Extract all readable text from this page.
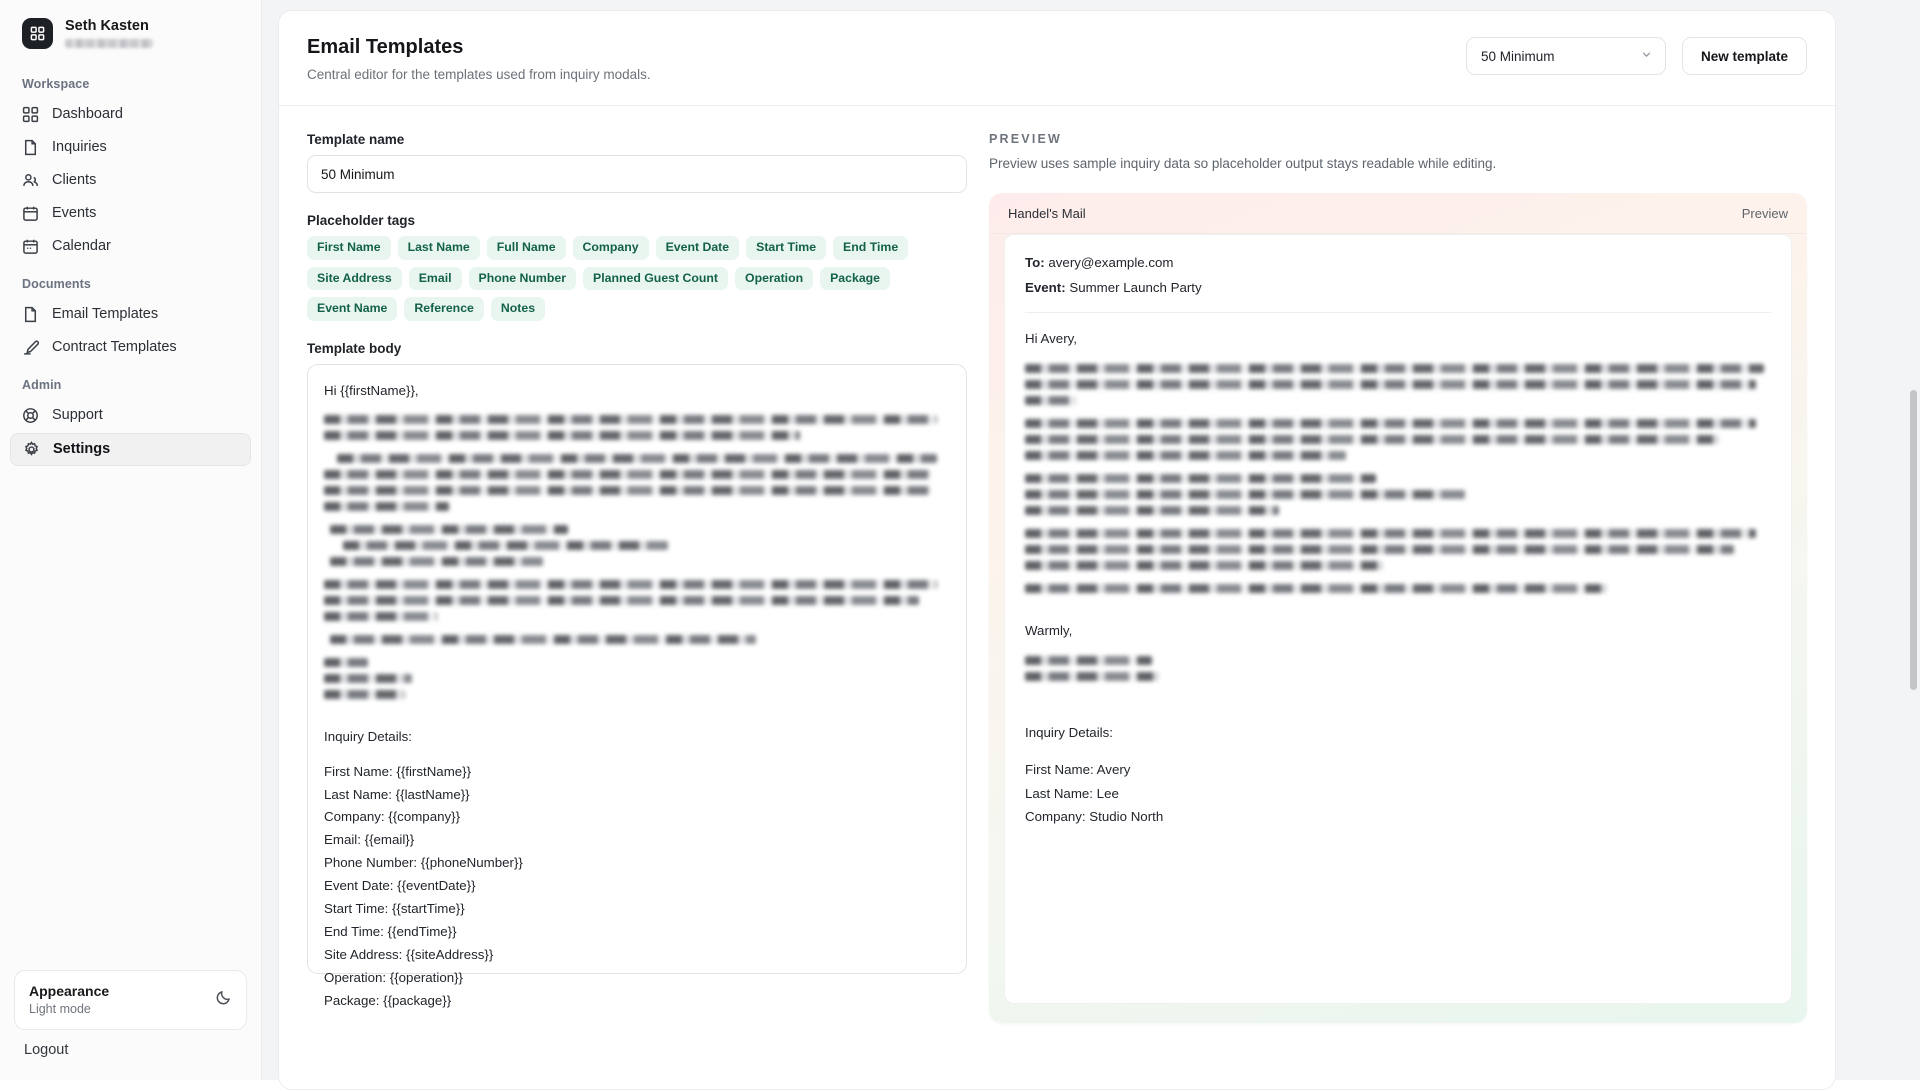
Seth Kasten
Workspace
Dashboard
Inquiries
Clients
Events
Calendar
Documents
Email Templates
Contract Templates
Admin
Support
Settings
Appearance
Light mode
Logout
Email Templates
Central editor for the templates used from inquiry modals.
50 Minimum	New template
Template name
50 Minimum
Placeholder tags
First Name	Last Name	Full Name	Company	Event Date	Start Time	End Time
Site Address	Email	Phone Number	Planned Guest Count	Operation	Package
Event Name	Reference	Notes
Template body
Hi {{firstName}},
Inquiry Details:
First Name: {{firstName}}
Last Name: {{lastName}}
Company: {{company}}
Email: {{email}}
Phone Number: {{phoneNumber}}
Event Date: {{eventDate}}
Start Time: {{startTime}}
End Time: {{endTime}}
Site Address: {{siteAddress}}
Operation: {{operation}}
Package: {{package}}
PREVIEW
Preview uses sample inquiry data so placeholder output stays readable while editing.
Handel's Mail	Preview
To: avery@example.com
Event: Summer Launch Party
Hi Avery,
Warmly,
Inquiry Details:
First Name: Avery
Last Name: Lee
Company: Studio North
